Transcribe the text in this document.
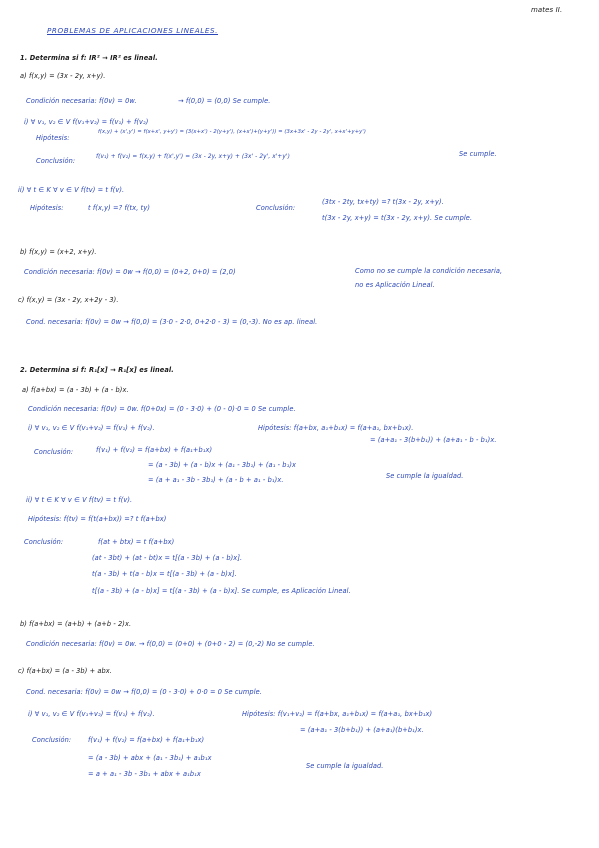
mates II.
PROBLEMAS DE APLICACIONES LINEALES.
1. Determina si f: IR² → IR² es lineal.
a) f(x,y) = (3x - 2y, x+y).
Condición necesaria: f(0v) = 0w.	→ f(0,0) = (0,0) Se cumple.
i) ∀ v₁, v₂ ∈ V f(v₁+v₂) = f(v₁) + f(v₂)
Hipótesis:
f(x,y) + (x',y') = f(x+x', y+y') = (3(x+x') - 2(y+y'), (x+x')+(y+y')) = (3x+3x' - 2y - 2y', x+x'+y+y')
Conclusión:	f(v₁) + f(v₂) = f(x,y) + f(x',y') = (3x - 2y, x+y) + (3x' - 2y', x'+y')	Se cumple.
ii) ∀ t ∈ K ∀ v ∈ V f(tv) = t f(v).
Hipótesis:	t f(x,y) =? f(tx, ty)	Conclusión:
(3tx - 2ty, tx+ty) =? t(3x - 2y, x+y).
t(3x - 2y, x+y) = t(3x - 2y, x+y). Se cumple.
b) f(x,y) = (x+2, x+y).
Condición necesaria: f(0v) = 0w → f(0,0) = (0+2, 0+0) = (2,0)	Como no se cumple la condición necesaria,
no es Aplicación Lineal.
c) f(x,y) = (3x - 2y, x+2y - 3).
Cond. necesaria: f(0v) = 0w → f(0,0) = (3·0 - 2·0, 0+2·0 - 3) = (0,-3). No es ap. lineal.
2. Determina si f: R₁[x] → R₁[x] es lineal.
a) f(a+bx) = (a - 3b) + (a - b)x.
Condición necesaria: f(0v) = 0w. f(0+0x) = (0 - 3·0) + (0 - 0)·0 = 0 Se cumple.
i) ∀ v₁, v₂ ∈ V f(v₁+v₂) = f(v₁) + f(v₂).	Hipótesis: f(a+bx, a₁+b₁x) = f(a+a₁, bx+b₁x).
= (a+a₁ - 3(b+b₁)) + (a+a₁ - b - b₁)x.
Conclusión:	f(v₁) + f(v₂) = f(a+bx) + f(a₁+b₁x)
= (a - 3b) + (a - b)x + (a₁ - 3b₁) + (a₁ - b₁)x
= (a + a₁ - 3b - 3b₁) + (a - b + a₁ - b₁)x.	Se cumple la igualdad.
ii) ∀ t ∈ K ∀ v ∈ V f(tv) = t f(v).
Hipótesis: f(tv) = f(t(a+bx)) =? t f(a+bx)
Conclusión:	f(at + btx) = t f(a+bx)
(at - 3bt) + (at - bt)x = t[(a - 3b) + (a - b)x].
t(a - 3b) + t(a - b)x = t[(a - 3b) + (a - b)x].
t[(a - 3b) + (a - b)x] = t[(a - 3b) + (a - b)x]. Se cumple, es Aplicación Lineal.
b) f(a+bx) = (a+b) + (a+b - 2)x.
Condición necesaria: f(0v) = 0w. → f(0,0) = (0+0) + (0+0 - 2) = (0,-2) No se cumple.
c) f(a+bx) = (a - 3b) + abx.
Cond. necesaria: f(0v) = 0w → f(0,0) = (0 - 3·0) + 0·0 = 0 Se cumple.
i) ∀ v₁, v₂ ∈ V f(v₁+v₂) = f(v₁) + f(v₂).	Hipótesis: f(v₁+v₂) = f(a+bx, a₁+b₁x) = f(a+a₁, bx+b₁x)
= (a+a₁ - 3(b+b₁)) + (a+a₁)(b+b₁)x.
Conclusión:	f(v₁) + f(v₂) = f(a+bx) + f(a₁+b₁x)
= (a - 3b) + abx + (a₁ - 3b₁) + a₁b₁x
= a + a₁ - 3b - 3b₁ + abx + a₁b₁x
Se cumple la igualdad.
